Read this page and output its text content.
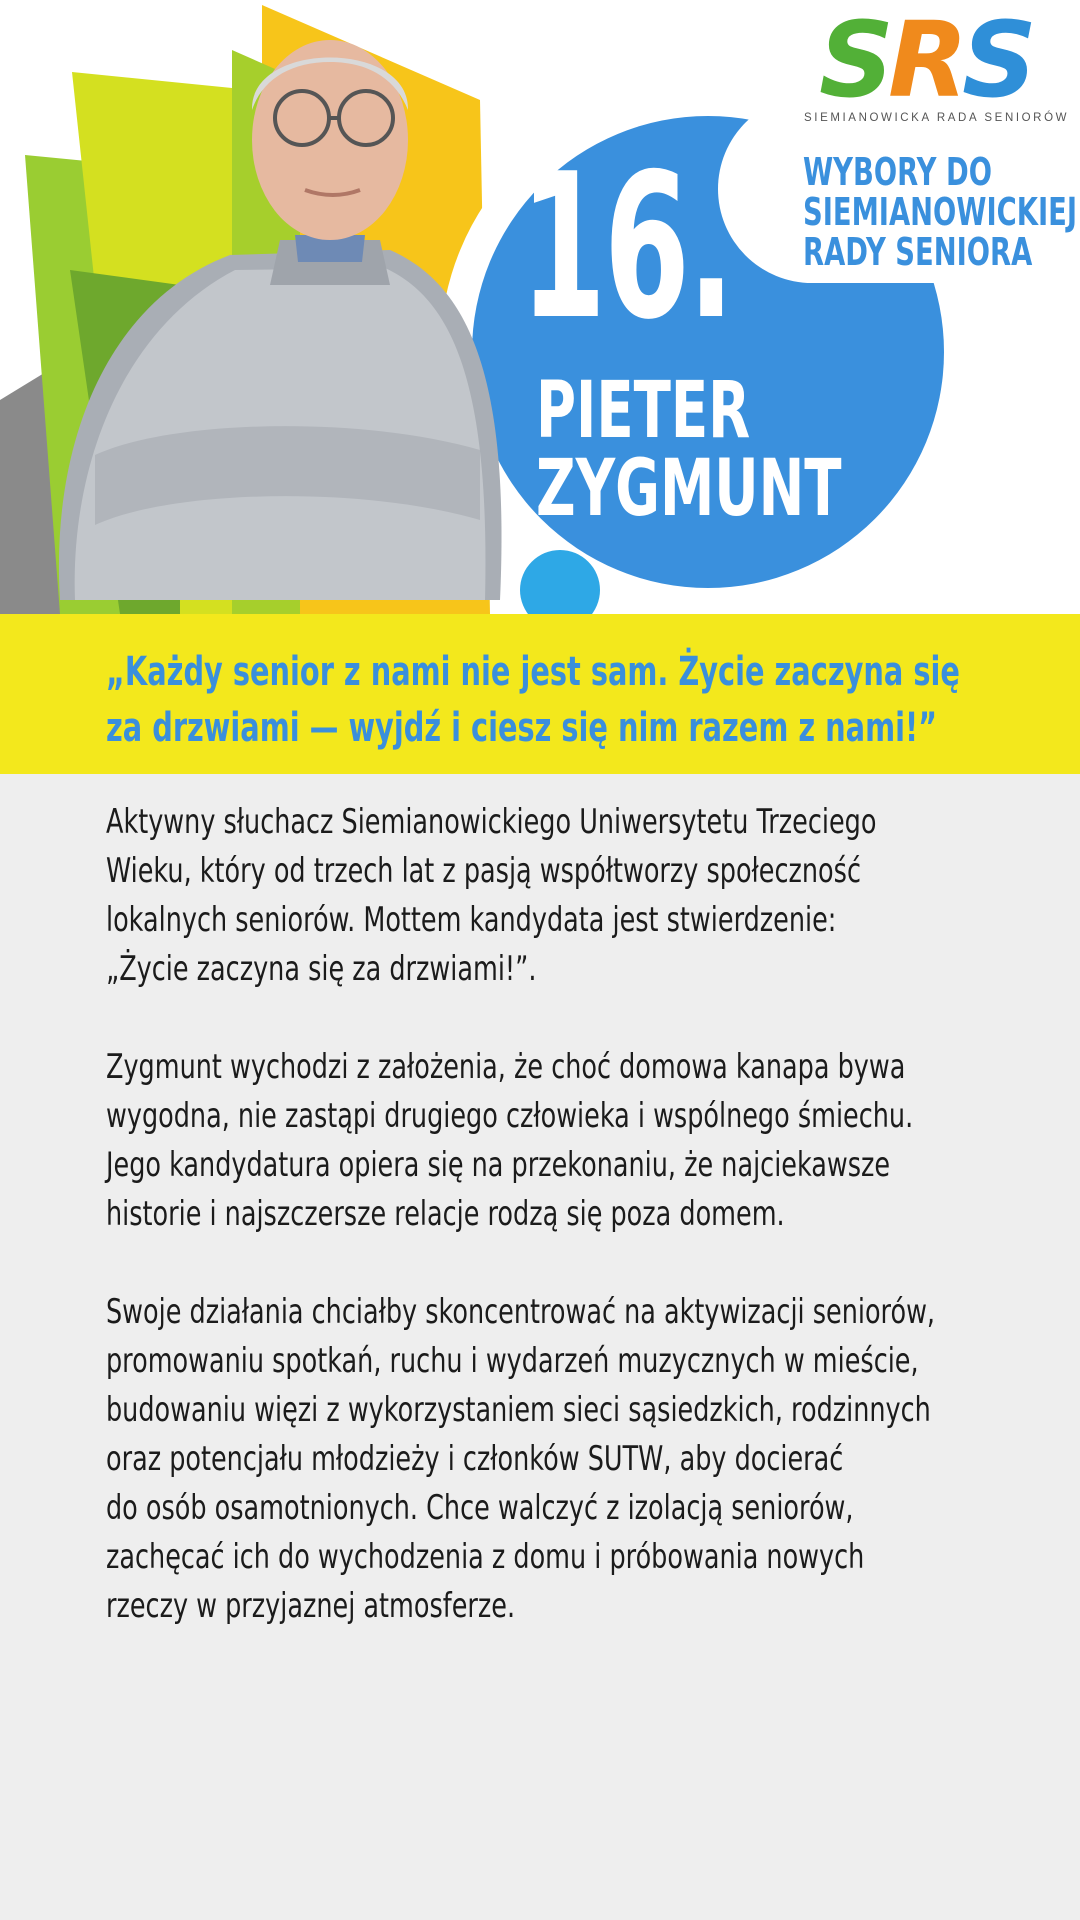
16.
PIETER
ZYGMUNT
SRS
SIEMIANOWICKA RADA SENIORÓW
WYBORY DO
SIEMIANOWICKIEJ
RADY SENIORA
„Każdy senior z nami nie jest sam. Życie zaczyna się
za drzwiami — wyjdź i ciesz się nim razem z nami!”

Aktywny słuchacz Siemianowickiego Uniwersytetu Trzeciego
Wieku, który od trzech lat z pasją współtworzy społeczność
lokalnych seniorów. Mottem kandydata jest stwierdzenie:
„Życie zaczyna się za drzwiami!”.

Zygmunt wychodzi z założenia, że choć domowa kanapa bywa
wygodna, nie zastąpi drugiego człowieka i wspólnego śmiechu.
Jego kandydatura opiera się na przekonaniu, że najciekawsze
historie i najszczersze relacje rodzą się poza domem.

Swoje działania chciałby skoncentrować na aktywizacji seniorów,
promowaniu spotkań, ruchu i wydarzeń muzycznych w mieście,
budowaniu więzi z wykorzystaniem sieci sąsiedzkich, rodzinnych
oraz potencjału młodzieży i członków SUTW, aby docierać
do osób osamotnionych. Chce walczyć z izolacją seniorów,
zachęcać ich do wychodzenia z domu i próbowania nowych
rzeczy w przyjaznej atmosferze.
